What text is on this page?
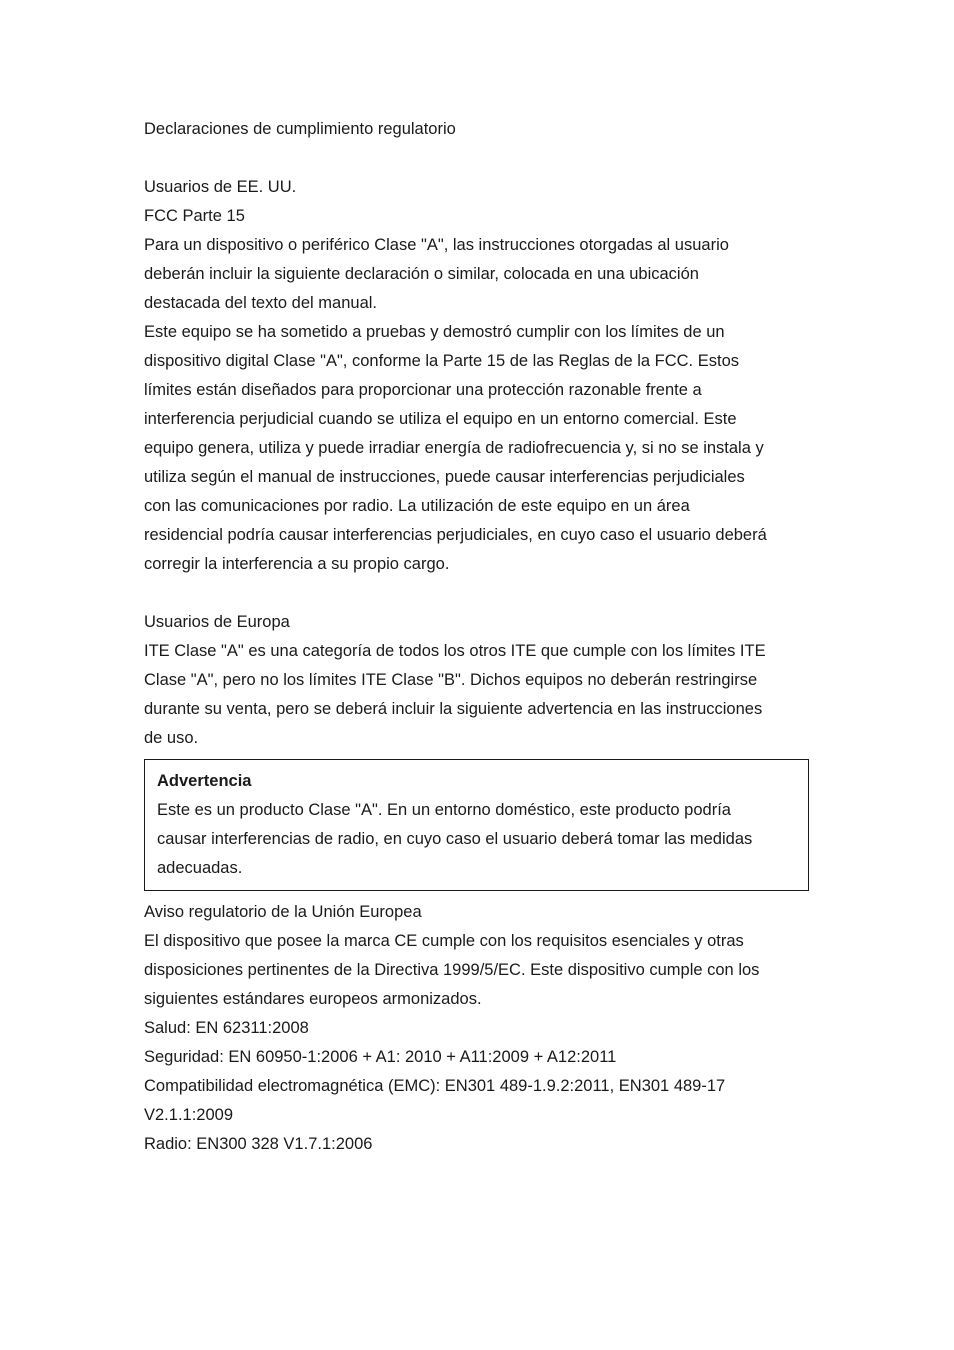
Declaraciones de cumplimiento regulatorio
Usuarios de EE. UU.
FCC Parte 15
Para un dispositivo o periférico Clase "A", las instrucciones otorgadas al usuario
deberán incluir la siguiente declaración o similar, colocada en una ubicación
destacada del texto del manual.
Este equipo se ha sometido a pruebas y demostró cumplir con los límites de un
dispositivo digital Clase "A", conforme la Parte 15 de las Reglas de la FCC. Estos
límites están diseñados para proporcionar una protección razonable frente a
interferencia perjudicial cuando se utiliza el equipo en un entorno comercial. Este
equipo genera, utiliza y puede irradiar energía de radiofrecuencia y, si no se instala y
utiliza según el manual de instrucciones, puede causar interferencias perjudiciales
con las comunicaciones por radio. La utilización de este equipo en un área
residencial podría causar interferencias perjudiciales, en cuyo caso el usuario deberá
corregir la interferencia a su propio cargo.
Usuarios de Europa
ITE Clase "A" es una categoría de todos los otros ITE que cumple con los límites ITE
Clase "A", pero no los límites ITE Clase "B". Dichos equipos no deberán restringirse
durante su venta, pero se deberá incluir la siguiente advertencia en las instrucciones
de uso.
Advertencia
Este es un producto Clase "A". En un entorno doméstico, este producto podría
causar interferencias de radio, en cuyo caso el usuario deberá tomar las medidas
adecuadas.
Aviso regulatorio de la Unión Europea
El dispositivo que posee la marca CE cumple con los requisitos esenciales y otras
disposiciones pertinentes de la Directiva 1999/5/EC. Este dispositivo cumple con los
siguientes estándares europeos armonizados.
Salud: EN 62311:2008
Seguridad: EN 60950-1:2006 + A1: 2010 + A11:2009 + A12:2011
Compatibilidad electromagnética (EMC): EN301 489-1.9.2:2011, EN301 489-17
V2.1.1:2009
Radio: EN300 328 V1.7.1:2006
